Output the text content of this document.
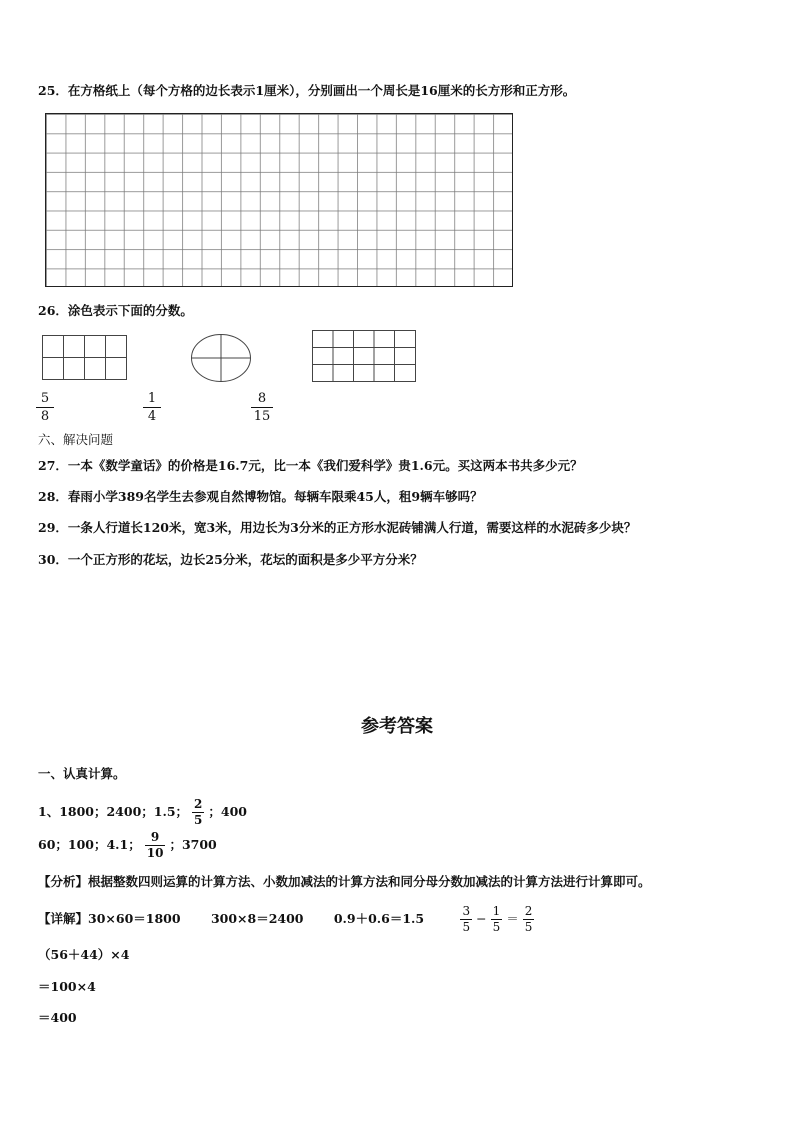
25．在方格纸上（每个方格的边长表示1厘米），分别画出一个周长是16厘米的长方形和正方形。
26．涂色表示下面的分数。
5
8
1
4
8
15
六、解决问题
27．一本《数学童话》的价格是16.7元，比一本《我们爱科学》贵1.6元。买这两本书共多少元？
28．春雨小学389名学生去参观自然博物馆。每辆车限乘45人，租9辆车够吗？
29．一条人行道长120米，宽3米，用边长为3分米的正方形水泥砖铺满人行道，需要这样的水泥砖多少块？
30．一个正方形的花坛，边长25分米，花坛的面积是多少平方分米？
参考答案
一、认真计算。
1、1800；2400；1.5； $\frac{2}{5}$ ；400
60；100；4.1； $\frac{9}{10}$ ；3700
【分析】根据整数四则运算的计算方法、小数加减法的计算方法和同分母分数加减法的计算方法进行计算即可。
【详解】30×60＝1800 300×8＝2400 0.9＋0.6＝1.5	$\frac{3}{5} - \frac{1}{5} = \frac{2}{5}$
（56＋44）×4
＝100×4
＝400
